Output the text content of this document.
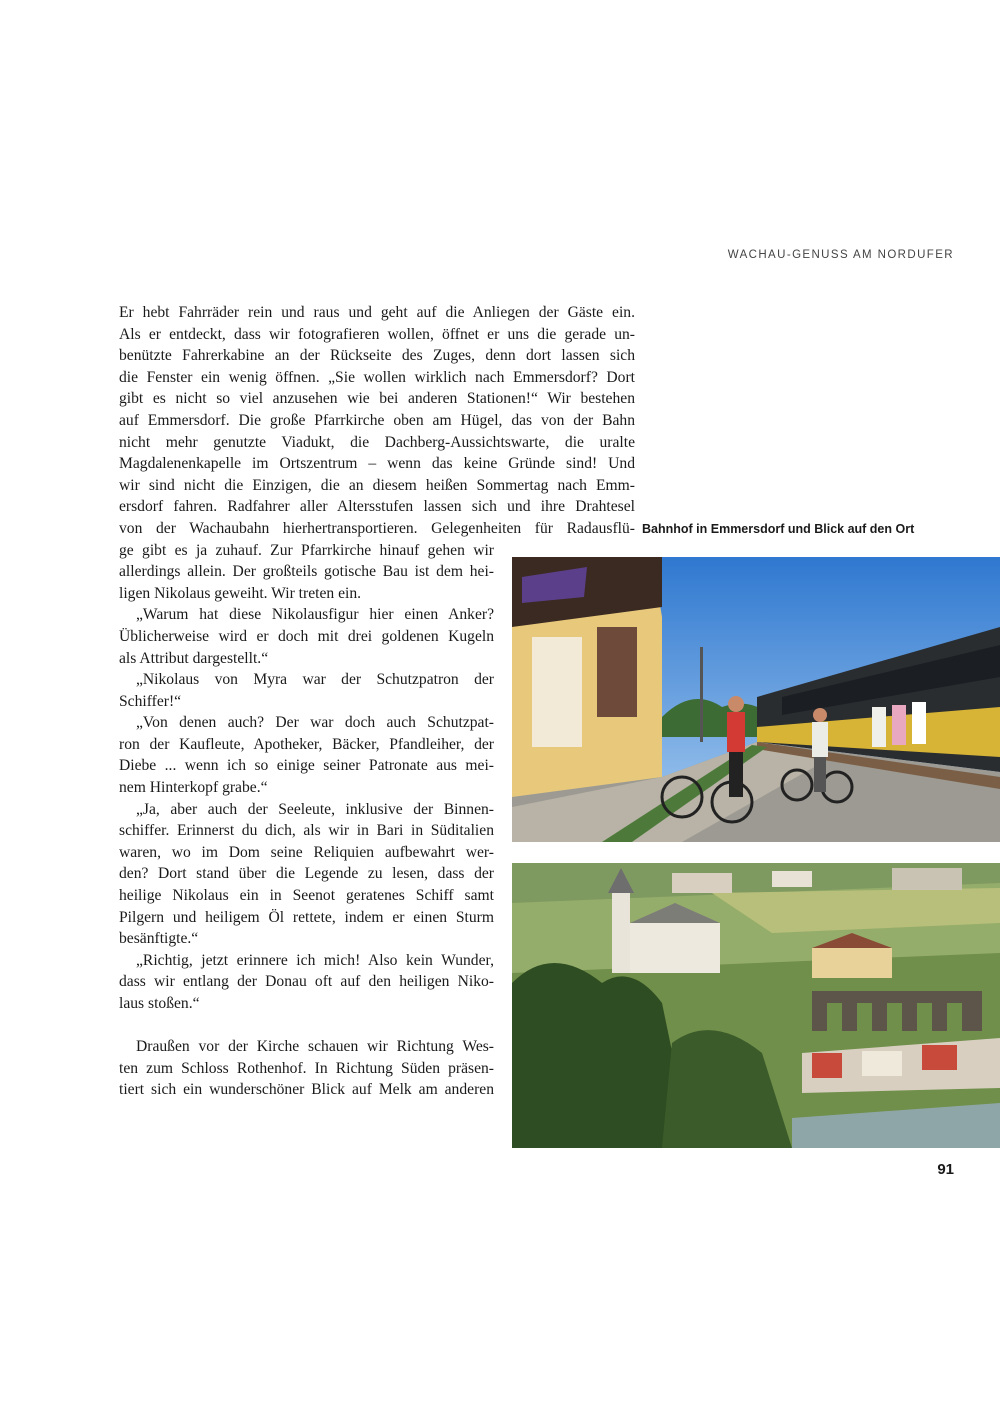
WACHAU-GENUSS AM NORDUFER
Er hebt Fahrräder rein und raus und geht auf die Anliegen der Gäste ein.
Als er entdeckt, dass wir fotografieren wollen, öffnet er uns die gerade un-
benützte Fahrerkabine an der Rückseite des Zuges, denn dort lassen sich
die Fenster ein wenig öffnen. „Sie wollen wirklich nach Emmersdorf? Dort
gibt es nicht so viel anzusehen wie bei anderen Stationen!“ Wir bestehen
auf Emmersdorf. Die große Pfarrkirche oben am Hügel, das von der Bahn
nicht mehr genutzte Viadukt, die Dachberg-Aussichtswarte, die uralte
Magdalenenkapelle im Ortszentrum – wenn das keine Gründe sind! Und
wir sind nicht die Einzigen, die an diesem heißen Sommertag nach Emm-
ersdorf fahren. Radfahrer aller Altersstufen lassen sich und ihre Drahtesel
von der Wachaubahn hierhertransportieren. Gelegenheiten für Radausflü-
ge gibt es ja zuhauf. Zur Pfarrkirche hinauf gehen wir
allerdings allein. Der großteils gotische Bau ist dem hei-
ligen Nikolaus geweiht. Wir treten ein.
„Warum hat diese Nikolausfigur hier einen Anker?
Üblicherweise wird er doch mit drei goldenen Kugeln
als Attribut dargestellt.“
„Nikolaus von Myra war der Schutzpatron der
Schiffer!“
„Von denen auch? Der war doch auch Schutzpat-
ron der Kaufleute, Apotheker, Bäcker, Pfandleiher, der
Diebe ... wenn ich so einige seiner Patronate aus mei-
nem Hinterkopf grabe.“
„Ja, aber auch der Seeleute, inklusive der Binnen-
schiffer. Erinnerst du dich, als wir in Bari in Süditalien
waren, wo im Dom seine Reliquien aufbewahrt wer-
den? Dort stand über die Legende zu lesen, dass der
heilige Nikolaus ein in Seenot geratenes Schiff samt
Pilgern und heiligem Öl rettete, indem er einen Sturm
besänftigte.“
„Richtig, jetzt erinnere ich mich! Also kein Wunder,
dass wir entlang der Donau oft auf den heiligen Niko-
laus stoßen.“
Draußen vor der Kirche schauen wir Richtung Wes-
ten zum Schloss Rothenhof. In Richtung Süden präsen-
tiert sich ein wunderschöner Blick auf Melk am anderen
Bahnhof in Emmersdorf und Blick auf den Ort
91
